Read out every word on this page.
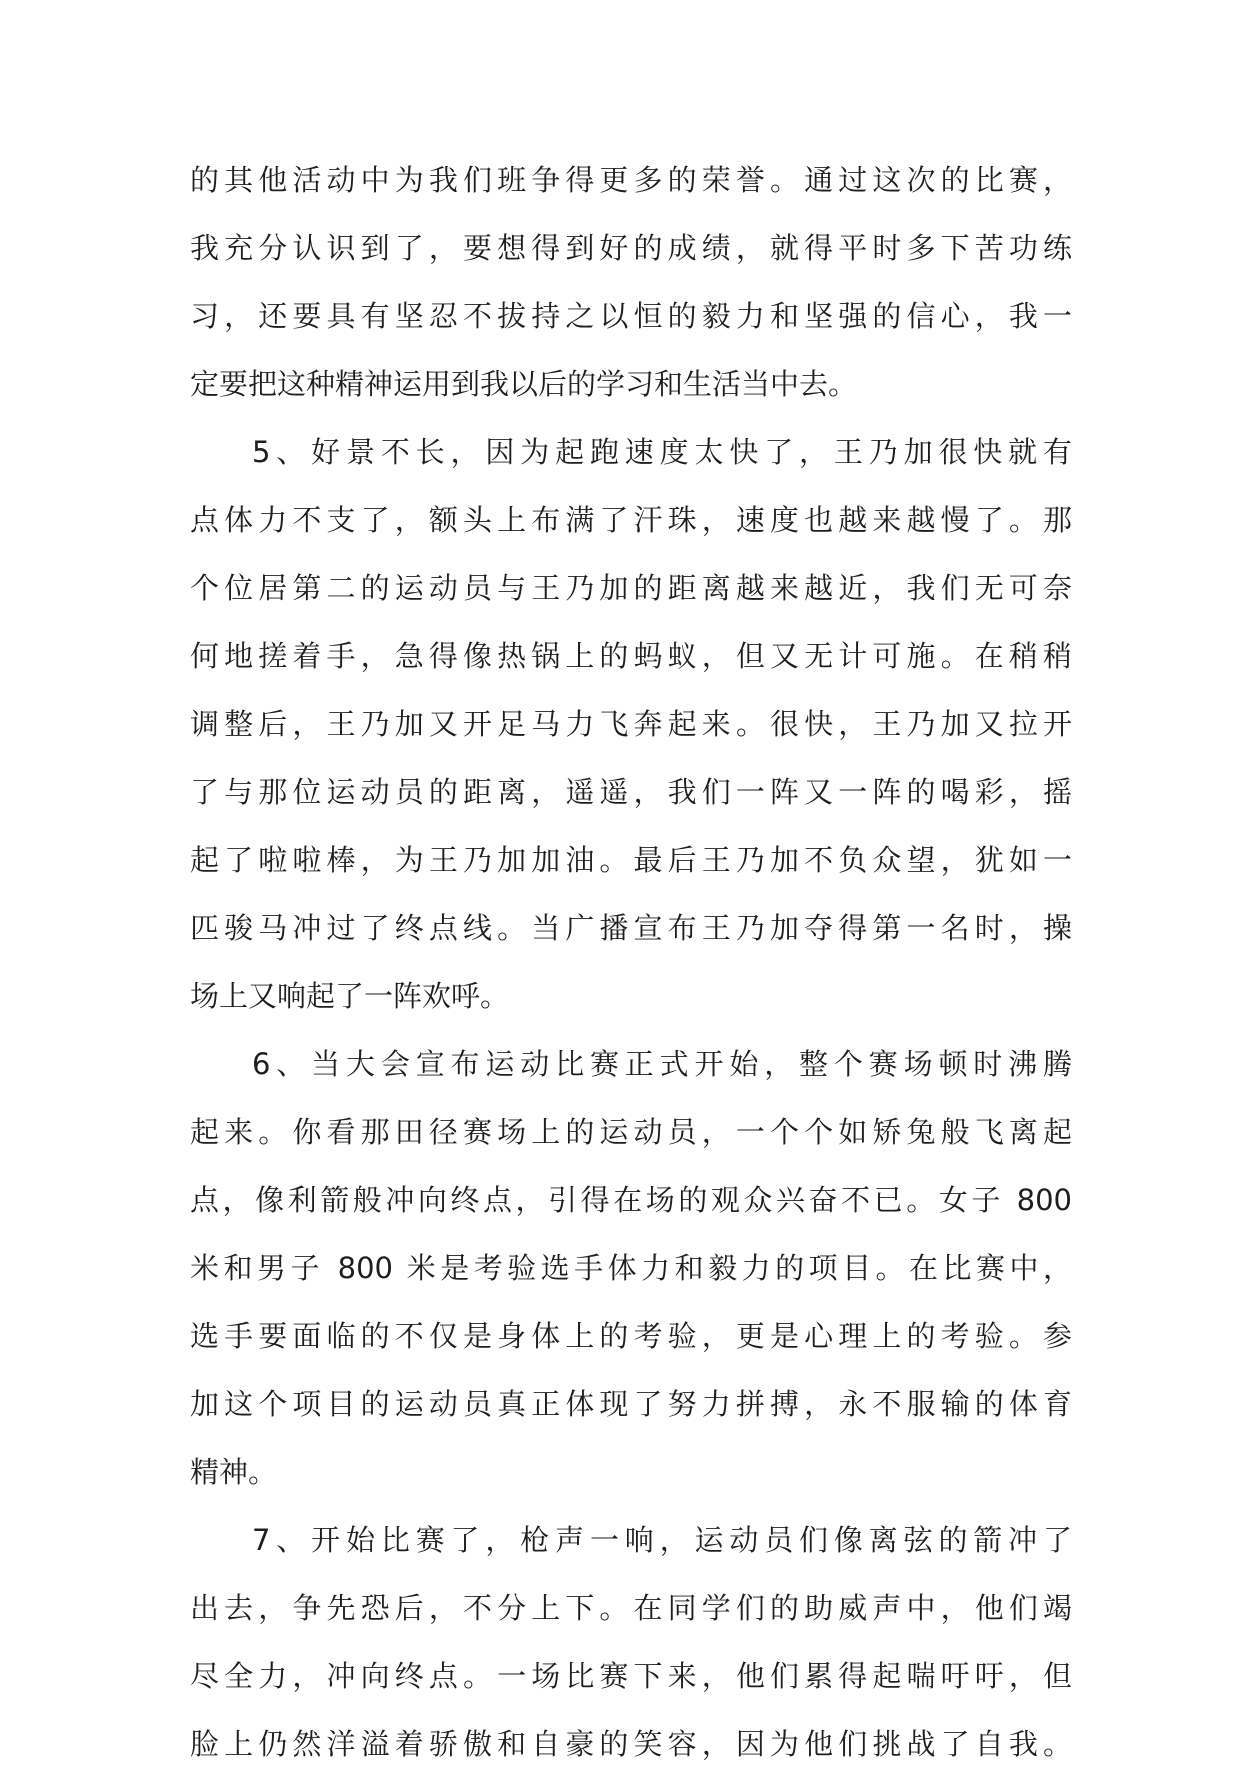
的其他活动中为我们班争得更多的荣誉。通过这次的比赛，
我充分认识到了，要想得到好的成绩，就得平时多下苦功练
习，还要具有坚忍不拔持之以恒的毅力和坚强的信心，我一
定要把这种精神运用到我以后的学习和生活当中去。
5、好景不长，因为起跑速度太快了，王乃加很快就有
点体力不支了，额头上布满了汗珠，速度也越来越慢了。那
个位居第二的运动员与王乃加的距离越来越近，我们无可奈
何地搓着手，急得像热锅上的蚂蚁，但又无计可施。在稍稍
调整后，王乃加又开足马力飞奔起来。很快，王乃加又拉开
了与那位运动员的距离，遥遥，我们一阵又一阵的喝彩，摇
起了啦啦棒，为王乃加加油。最后王乃加不负众望，犹如一
匹骏马冲过了终点线。当广播宣布王乃加夺得第一名时，操
场上又响起了一阵欢呼。
6、当大会宣布运动比赛正式开始，整个赛场顿时沸腾
起来。你看那田径赛场上的运动员，一个个如矫兔般飞离起
点，像利箭般冲向终点，引得在场的观众兴奋不已。女子 800
米和男子 800 米是考验选手体力和毅力的项目。在比赛中，
选手要面临的不仅是身体上的考验，更是心理上的考验。参
加这个项目的运动员真正体现了努力拼搏，永不服输的体育
精神。
7、开始比赛了，枪声一响，运动员们像离弦的箭冲了
出去，争先恐后，不分上下。在同学们的助威声中，他们竭
尽全力，冲向终点。一场比赛下来，他们累得起喘吁吁，但
脸上仍然洋溢着骄傲和自豪的笑容，因为他们挑战了自我。
